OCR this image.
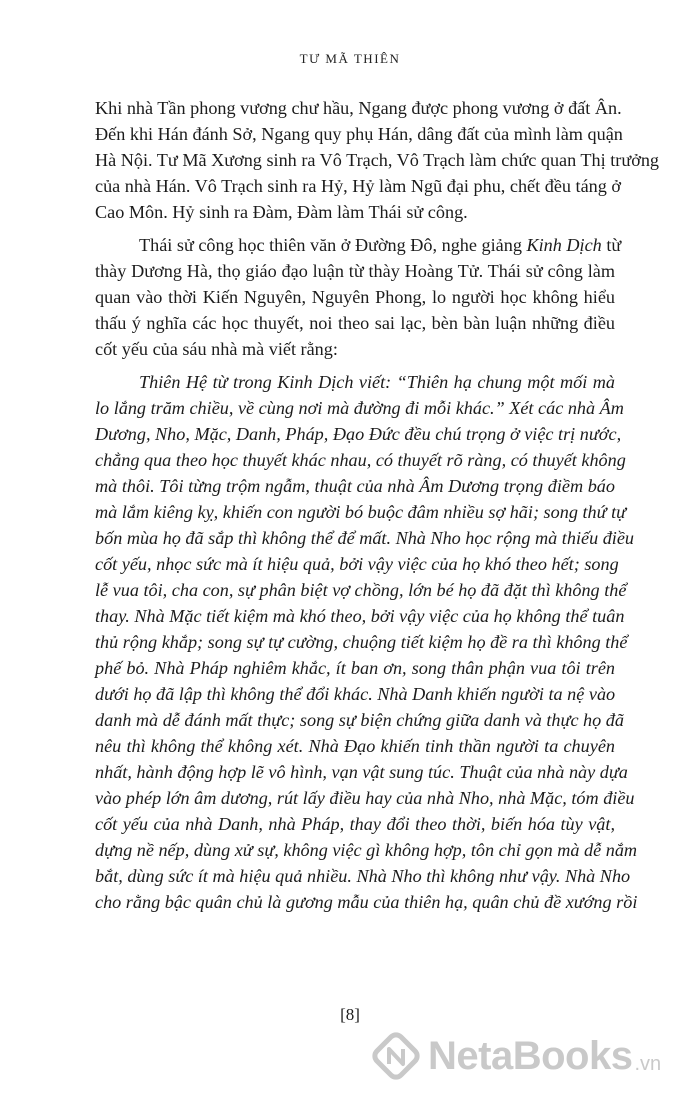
TƯ MÃ THIÊN
Khi nhà Tần phong vương chư hầu, Ngang được phong vương ở đất Ân.
Đến khi Hán đánh Sở, Ngang quy phụ Hán, dâng đất của mình làm quận
Hà Nội. Tư Mã Xương sinh ra Vô Trạch, Vô Trạch làm chức quan Thị trưởng
của nhà Hán. Vô Trạch sinh ra Hỷ, Hỷ làm Ngũ đại phu, chết đều táng ở
Cao Môn. Hỷ sinh ra Đàm, Đàm làm Thái sử công.
Thái sử công học thiên văn ở Đường Đô, nghe giảng Kinh Dịch từ
thày Dương Hà, thọ giáo đạo luận từ thày Hoàng Tử. Thái sử công làm
quan vào thời Kiến Nguyên, Nguyên Phong, lo người học không hiểu
thấu ý nghĩa các học thuyết, noi theo sai lạc, bèn bàn luận những điều
cốt yếu của sáu nhà mà viết rằng:
Thiên Hệ từ trong Kinh Dịch viết: “Thiên hạ chung một mối mà
lo lắng trăm chiều, về cùng nơi mà đường đi mỗi khác.” Xét các nhà Âm
Dương, Nho, Mặc, Danh, Pháp, Đạo Đức đều chú trọng ở việc trị nước,
chẳng qua theo học thuyết khác nhau, có thuyết rõ ràng, có thuyết không
mà thôi. Tôi từng trộm ngẫm, thuật của nhà Âm Dương trọng điềm báo
mà lắm kiêng kỵ, khiến con người bó buộc đâm nhiều sợ hãi; song thứ tự
bốn mùa họ đã sắp thì không thể để mất. Nhà Nho học rộng mà thiếu điều
cốt yếu, nhọc sức mà ít hiệu quả, bởi vậy việc của họ khó theo hết; song
lễ vua tôi, cha con, sự phân biệt vợ chồng, lớn bé họ đã đặt thì không thể
thay. Nhà Mặc tiết kiệm mà khó theo, bởi vậy việc của họ không thể tuân
thủ rộng khắp; song sự tự cường, chuộng tiết kiệm họ đề ra thì không thể
phế bỏ. Nhà Pháp nghiêm khắc, ít ban ơn, song thân phận vua tôi trên
dưới họ đã lập thì không thể đổi khác. Nhà Danh khiến người ta nệ vào
danh mà dễ đánh mất thực; song sự biện chứng giữa danh và thực họ đã
nêu thì không thể không xét. Nhà Đạo khiến tinh thần người ta chuyên
nhất, hành động hợp lẽ vô hình, vạn vật sung túc. Thuật của nhà này dựa
vào phép lớn âm dương, rút lấy điều hay của nhà Nho, nhà Mặc, tóm điều
cốt yếu của nhà Danh, nhà Pháp, thay đổi theo thời, biến hóa tùy vật,
dựng nề nếp, dùng xử sự, không việc gì không hợp, tôn chỉ gọn mà dễ nắm
bắt, dùng sức ít mà hiệu quả nhiều. Nhà Nho thì không như vậy. Nhà Nho
cho rằng bậc quân chủ là gương mẫu của thiên hạ, quân chủ đề xướng rồi
[8]
NetaBooks .vn
